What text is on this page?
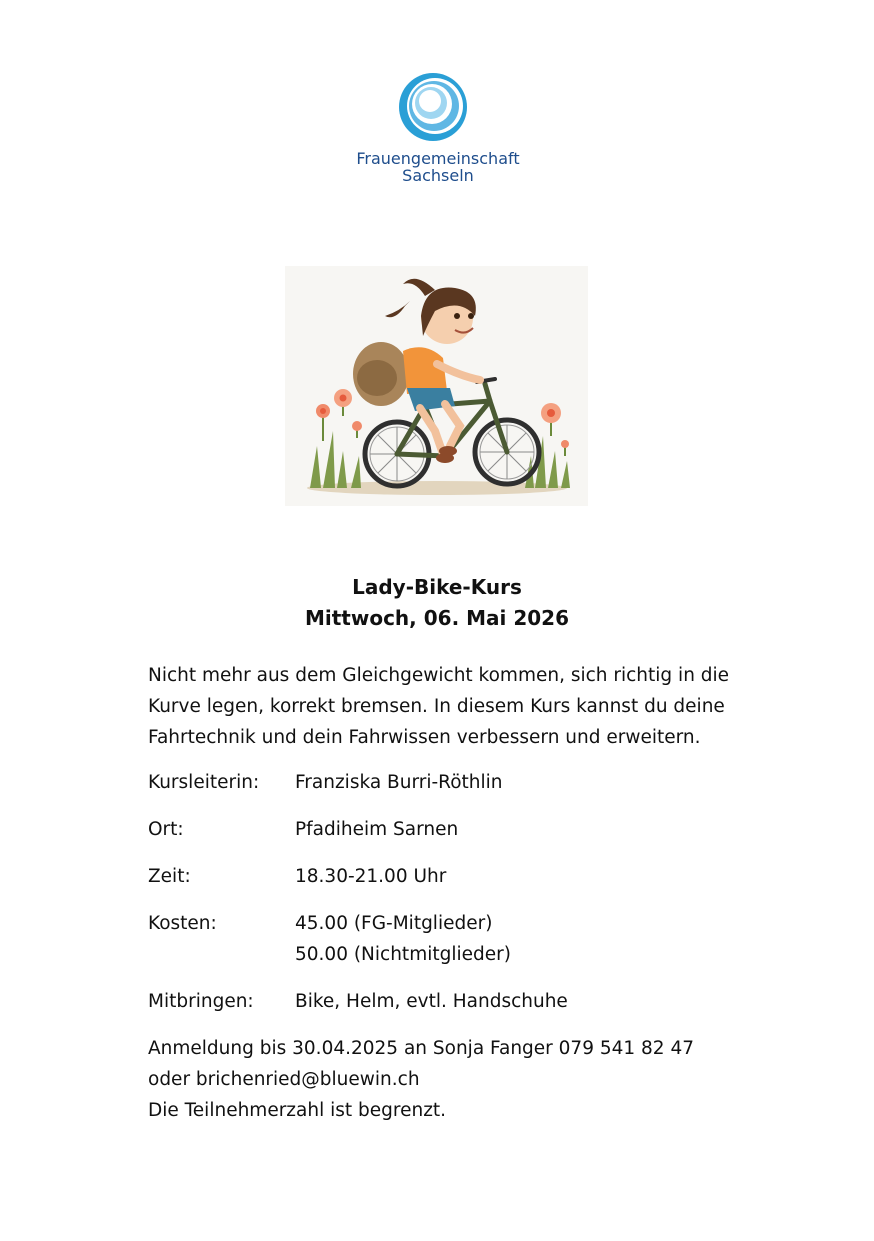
Frauengemeinschaft
Sachseln
Lady-Bike-Kurs
Mittwoch, 06. Mai 2026

Nicht mehr aus dem Gleichgewicht kommen, sich richtig in die Kurve legen, korrekt bremsen. In diesem Kurs kannst du deine Fahrtechnik und dein Fahrwissen verbessern und erweitern.

Kursleiterin:	Franziska Burri-Röthlin
Ort:	Pfadiheim Sarnen
Zeit:	18.30-21.00 Uhr
Kosten:	45.00 (FG-Mitglieder)
50.00 (Nichtmitglieder)
Mitbringen:	Bike, Helm, evtl. Handschuhe
Anmeldung bis 30.04.2025 an Sonja Fanger 079 541 82 47
oder brichenried@bluewin.ch
Die Teilnehmerzahl ist begrenzt.
